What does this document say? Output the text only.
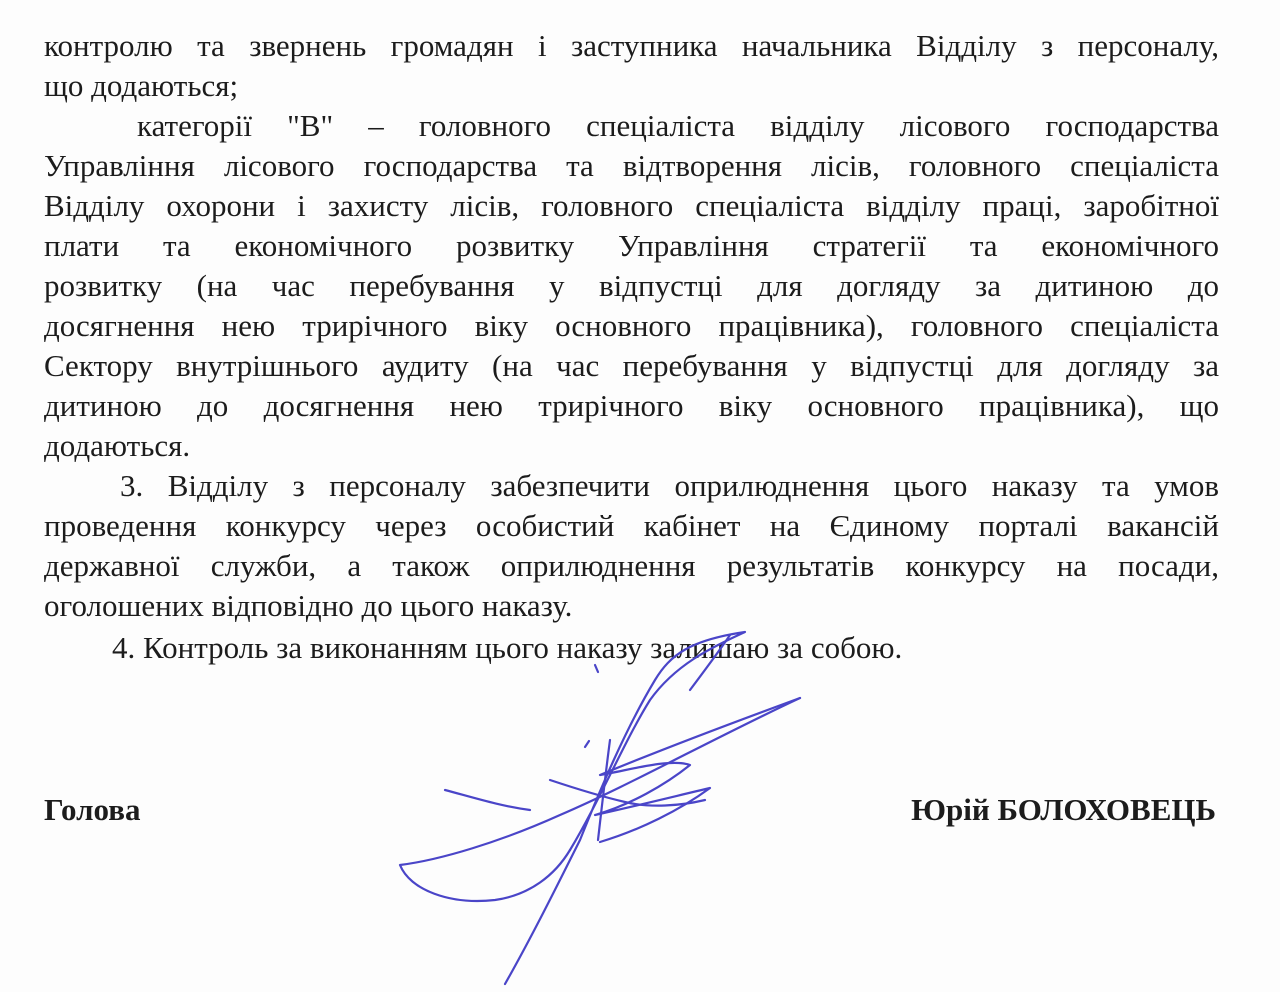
контролю та звернень громадян і заступника начальника Відділу з персоналу,
що додаються;
категорії "В" – головного спеціаліста відділу лісового господарства
Управління лісового господарства та відтворення лісів, головного спеціаліста
Відділу охорони і захисту лісів, головного спеціаліста відділу праці, заробітної
плати та економічного розвитку Управління стратегії та економічного
розвитку (на час перебування у відпустці для догляду за дитиною до
досягнення нею трирічного віку основного працівника), головного спеціаліста
Сектору внутрішнього аудиту (на час перебування у відпустці для догляду за
дитиною до досягнення нею трирічного віку основного працівника), що
додаються.
3. Відділу з персоналу забезпечити оприлюднення цього наказу та умов
проведення конкурсу через особистий кабінет на Єдиному порталі вакансій
державної служби, а також оприлюднення результатів конкурсу на посади,
оголошених відповідно до цього наказу.
4. Контроль за виконанням цього наказу залишаю за собою.
Голова	Юрій БОЛОХОВЕЦЬ
